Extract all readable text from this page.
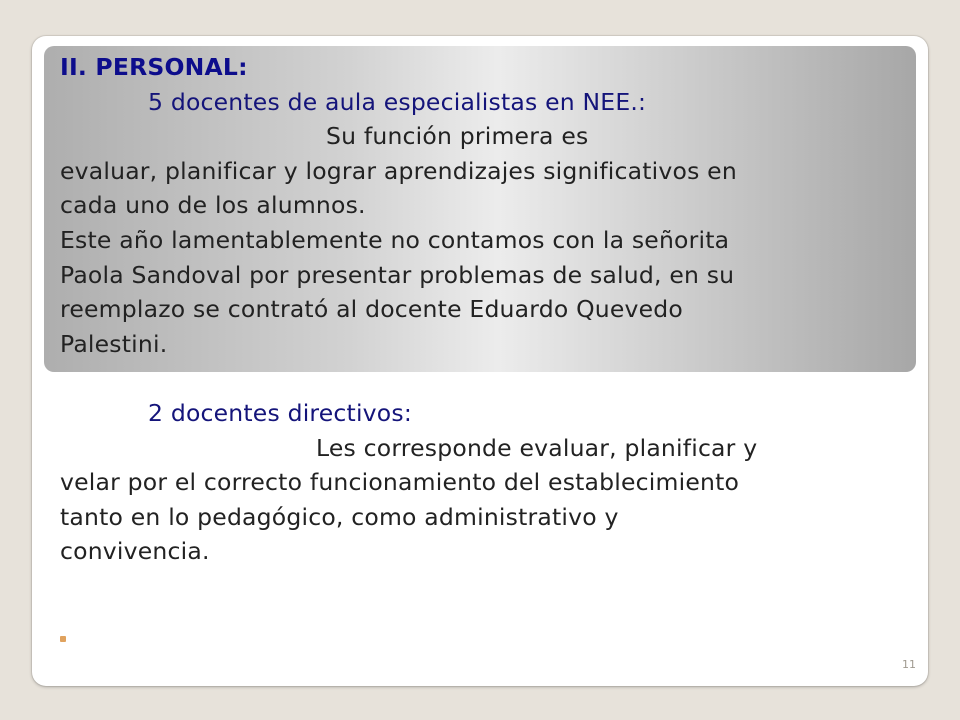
II. PERSONAL:
5 docentes de aula especialistas en NEE.:
Su función primera es
evaluar, planificar y lograr aprendizajes significativos en
cada uno de los alumnos.
Este año lamentablemente no contamos con la señorita
Paola Sandoval por presentar problemas de salud, en su
reemplazo se contrató al docente Eduardo Quevedo
Palestini.
2 docentes directivos:
Les corresponde evaluar, planificar y
velar por el correcto funcionamiento del establecimiento
tanto en lo pedagógico, como administrativo y
convivencia.
11
